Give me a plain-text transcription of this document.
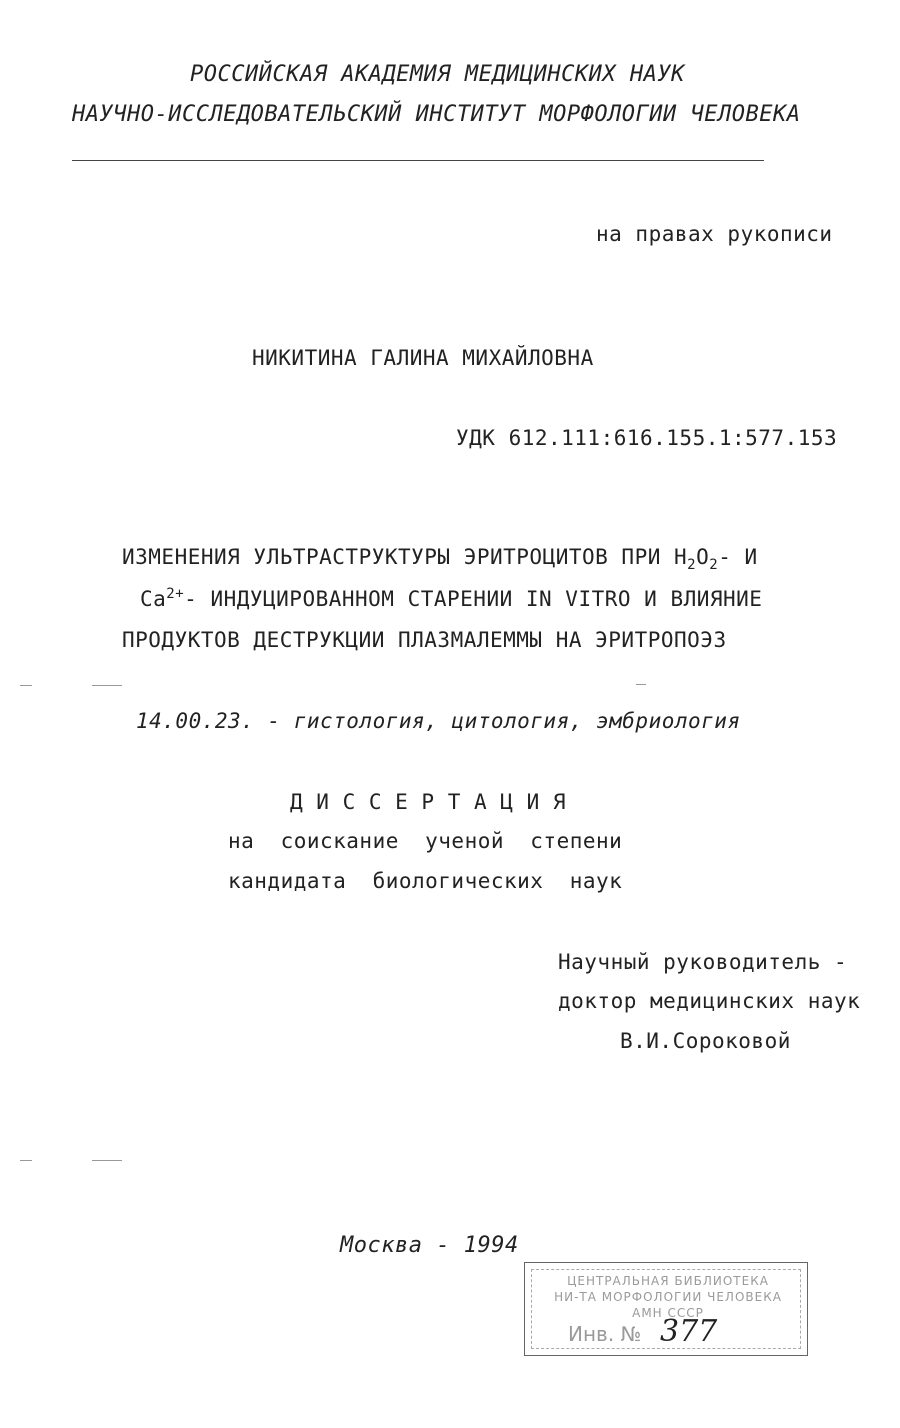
РОССИЙСКАЯ АКАДЕМИЯ МЕДИЦИНСКИХ НАУК
НАУЧНО-ИССЛЕДОВАТЕЛЬСКИЙ ИНСТИТУТ МОРФОЛОГИИ ЧЕЛОВЕКА
на правах рукописи
НИКИТИНА ГАЛИНА МИХАЙЛОВНА
УДК 612.111:616.155.1:577.153
ИЗМЕНЕНИЯ УЛЬТРАСТРУКТУРЫ ЭРИТРОЦИТОВ ПРИ $H_2O_2-$ И
$Ca^{2+}-$ ИНДУЦИРОВАННОМ СТАРЕНИИ IN VITRO И ВЛИЯНИЕ
ПРОДУКТОВ ДЕСТРУКЦИИ ПЛАЗМАЛЕММЫ НА ЭРИТРОПОЭЗ
14.00.23. - гистология, цитология, эмбриология
Д И С С Е Р Т А Ц И Я
на  соискание  ученой  степени
кандидата  биологических  наук
Научный руководитель -
доктор медицинских наук
В.И.Сороковой
Москва - 1994
ЦЕНТРАЛЬНАЯ БИБЛИОТЕКА
НИ-ТА МОРФОЛОГИИ ЧЕЛОВЕКА
АМН СССР
Инв. № 377
